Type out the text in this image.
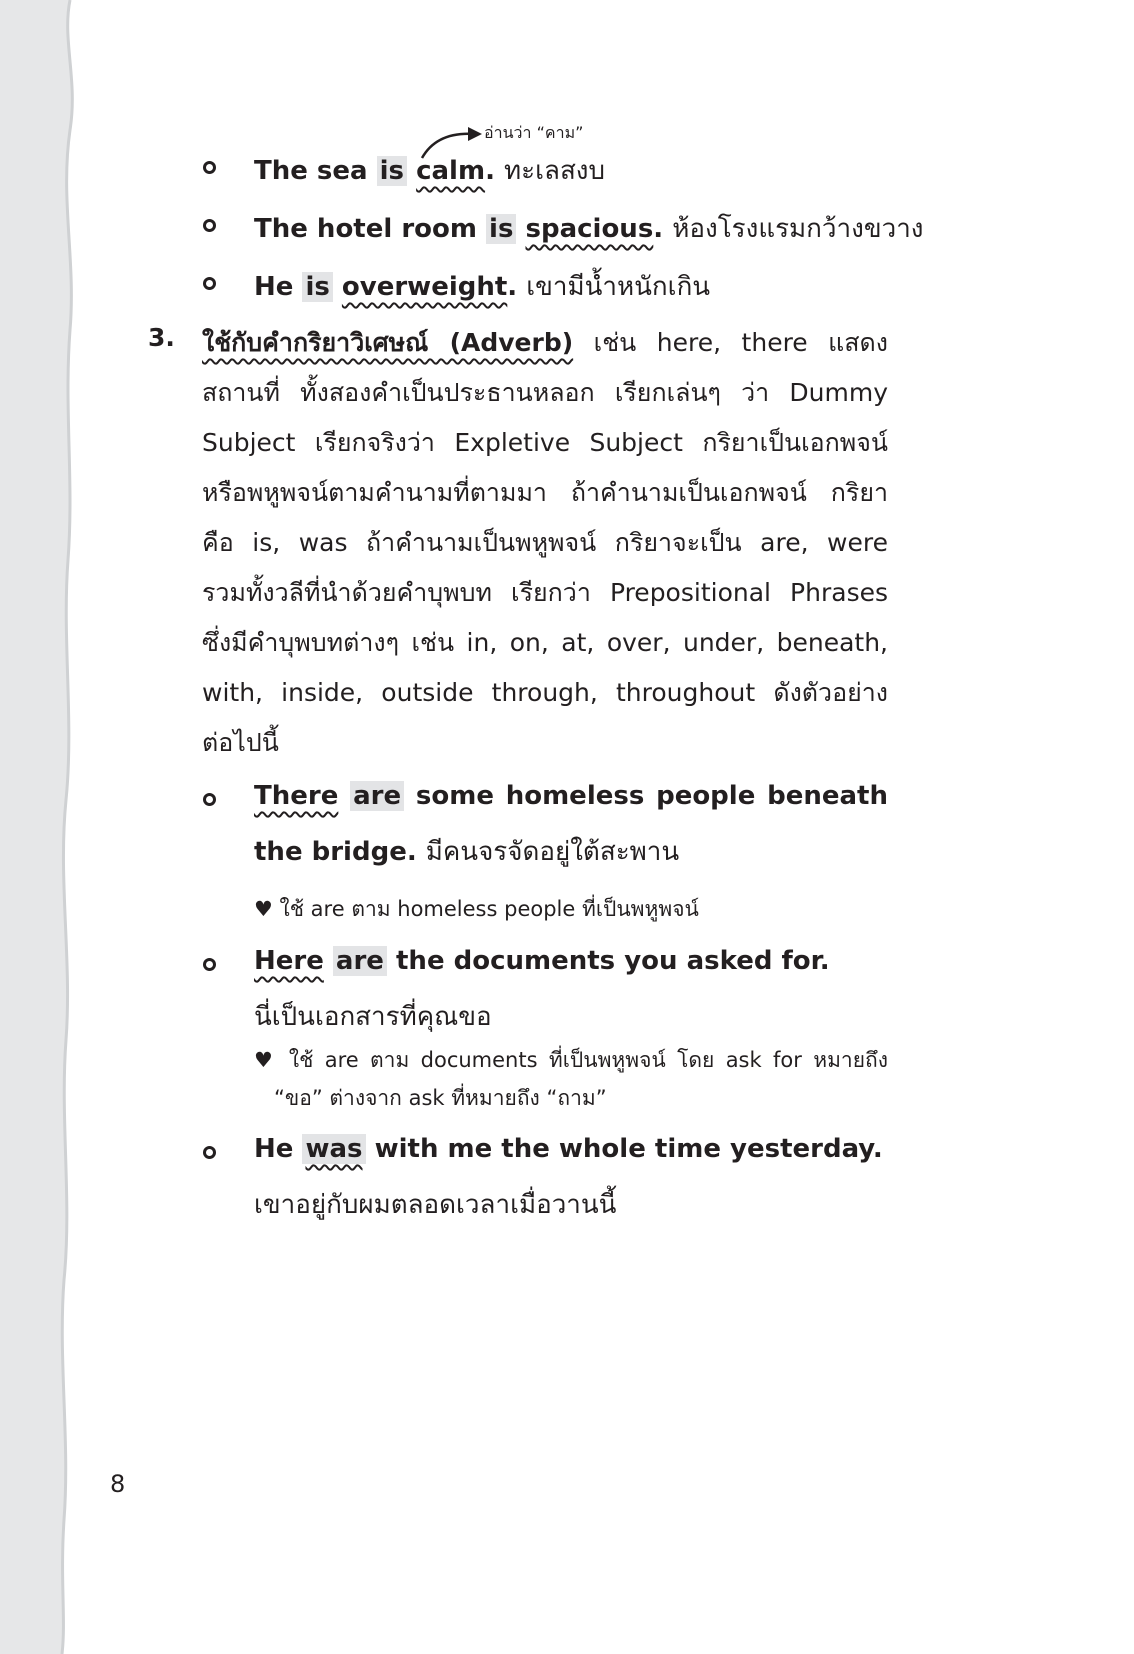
อ่านว่า “คาม”
The sea is calm. ทะเลสงบ
The hotel room is spacious. ห้องโรงแรมกว้างขวาง
He is overweight. เขามีน้ำหนักเกิน
3. ใช้กับคำกริยาวิเศษณ์ (Adverb) เช่น here, there แสดง
สถานที่ ทั้งสองคำเป็นประธานหลอก เรียกเล่นๆ ว่า Dummy
Subject เรียกจริงว่า Expletive Subject กริยาเป็นเอกพจน์
หรือพหูพจน์ตามคำนามที่ตามมา ถ้าคำนามเป็นเอกพจน์ กริยา
คือ is, was ถ้าคำนามเป็นพหูพจน์ กริยาจะเป็น are, were
รวมทั้งวลีที่นำด้วยคำบุพบท เรียกว่า Prepositional Phrases
ซึ่งมีคำบุพบทต่างๆ เช่น in, on, at, over, under, beneath,
with, inside, outside through, throughout ดังตัวอย่าง
ต่อไปนี้
There are some homeless people beneath
the bridge. มีคนจรจัดอยู่ใต้สะพาน
♥ ใช้ are ตาม homeless people ที่เป็นพหูพจน์
Here are the documents you asked for.
นี่เป็นเอกสารที่คุณขอ
♥ ใช้ are ตาม documents ที่เป็นพหูพจน์ โดย ask for หมายถึง
“ขอ” ต่างจาก ask ที่หมายถึง “ถาม”
He was with me the whole time yesterday.
เขาอยู่กับผมตลอดเวลาเมื่อวานนี้
8
